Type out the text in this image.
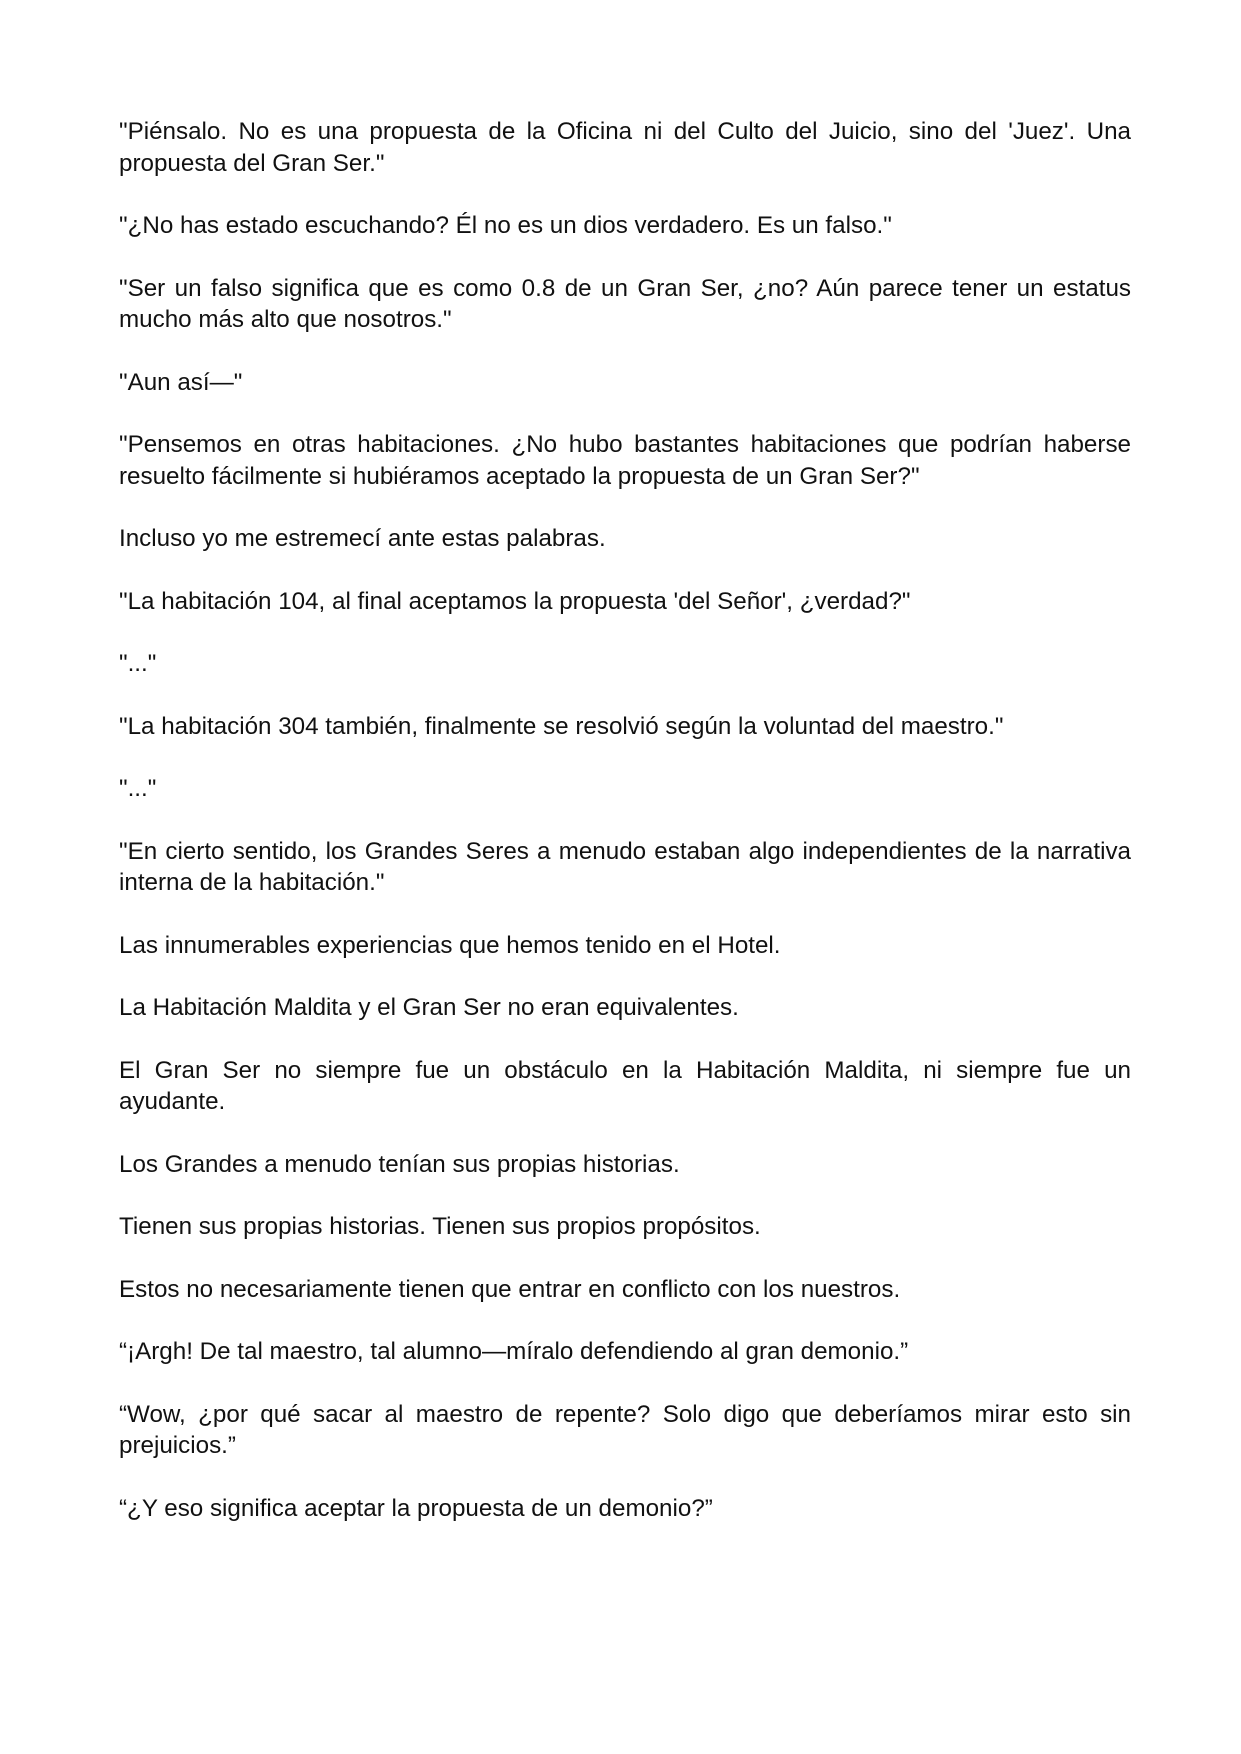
"Piénsalo. No es una propuesta de la Oficina ni del Culto del Juicio, sino del 'Juez'. Una propuesta del Gran Ser."

"¿No has estado escuchando? Él no es un dios verdadero. Es un falso."

"Ser un falso significa que es como 0.8 de un Gran Ser, ¿no? Aún parece tener un estatus mucho más alto que nosotros."

"Aun así—"

"Pensemos en otras habitaciones. ¿No hubo bastantes habitaciones que podrían haberse resuelto fácilmente si hubiéramos aceptado la propuesta de un Gran Ser?"

Incluso yo me estremecí ante estas palabras.

"La habitación 104, al final aceptamos la propuesta 'del Señor', ¿verdad?"

"..."

"La habitación 304 también, finalmente se resolvió según la voluntad del maestro."

"..."

"En cierto sentido, los Grandes Seres a menudo estaban algo independientes de la narrativa interna de la habitación."

Las innumerables experiencias que hemos tenido en el Hotel.

La Habitación Maldita y el Gran Ser no eran equivalentes.

El Gran Ser no siempre fue un obstáculo en la Habitación Maldita, ni siempre fue un ayudante.

Los Grandes a menudo tenían sus propias historias.

Tienen sus propias historias. Tienen sus propios propósitos.

Estos no necesariamente tienen que entrar en conflicto con los nuestros.

“¡Argh! De tal maestro, tal alumno—míralo defendiendo al gran demonio.”

“Wow, ¿por qué sacar al maestro de repente? Solo digo que deberíamos mirar esto sin prejuicios.”

“¿Y eso significa aceptar la propuesta de un demonio?”
